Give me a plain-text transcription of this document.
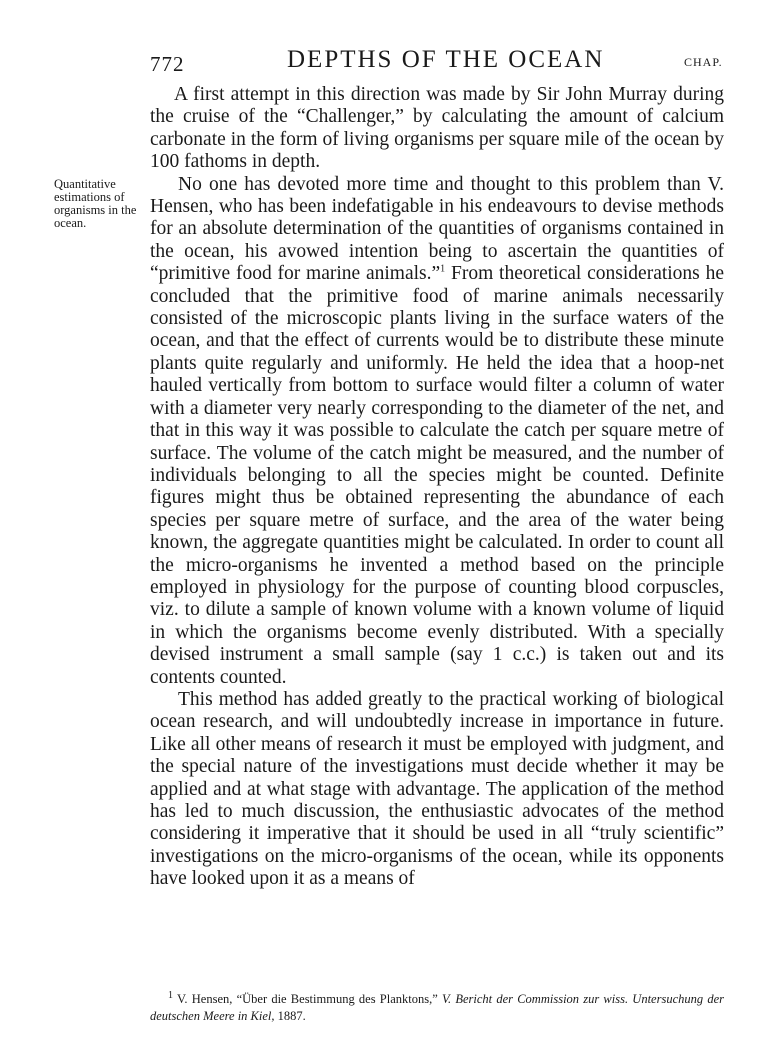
772	DEPTHS OF THE OCEAN	CHAP.

Quantitative estimations of organisms in the ocean.

A first attempt in this direction was made by Sir John Murray during the cruise of the “Challenger,” by calculating the amount of calcium carbonate in the form of living organisms per square mile of the ocean by 100 fathoms in depth.

No one has devoted more time and thought to this problem than V. Hensen, who has been indefatigable in his endeavours to devise methods for an absolute determination of the quantities of organisms contained in the ocean, his avowed intention being to ascertain the quantities of “primitive food for marine animals.”$^1$ From theoretical considerations he concluded that the primitive food of marine animals necessarily consisted of the microscopic plants living in the surface waters of the ocean, and that the effect of currents would be to distribute these minute plants quite regularly and uniformly. He held the idea that a hoop-net hauled vertically from bottom to surface would filter a column of water with a diameter very nearly corresponding to the diameter of the net, and that in this way it was possible to calculate the catch per square metre of surface. The volume of the catch might be measured, and the number of individuals belonging to all the species might be counted. Definite figures might thus be obtained representing the abundance of each species per square metre of surface, and the area of the water being known, the aggregate quantities might be calculated. In order to count all the micro-organisms he invented a method based on the principle employed in physiology for the purpose of counting blood corpuscles, viz. to dilute a sample of known volume with a known volume of liquid in which the organisms become evenly distributed. With a specially devised instrument a small sample (say 1 c.c.) is taken out and its contents counted.

This method has added greatly to the practical working of biological ocean research, and will undoubtedly increase in importance in future. Like all other means of research it must be employed with judgment, and the special nature of the investigations must decide whether it may be applied and at what stage with advantage. The application of the method has led to much discussion, the enthusiastic advocates of the method considering it imperative that it should be used in all “truly scientific” investigations on the micro-organisms of the ocean, while its opponents have looked upon it as a means of

$^1$ V. Hensen, “Über die Bestimmung des Planktons,” V. Bericht der Commission zur wiss. Untersuchung der deutschen Meere in Kiel, 1887.
